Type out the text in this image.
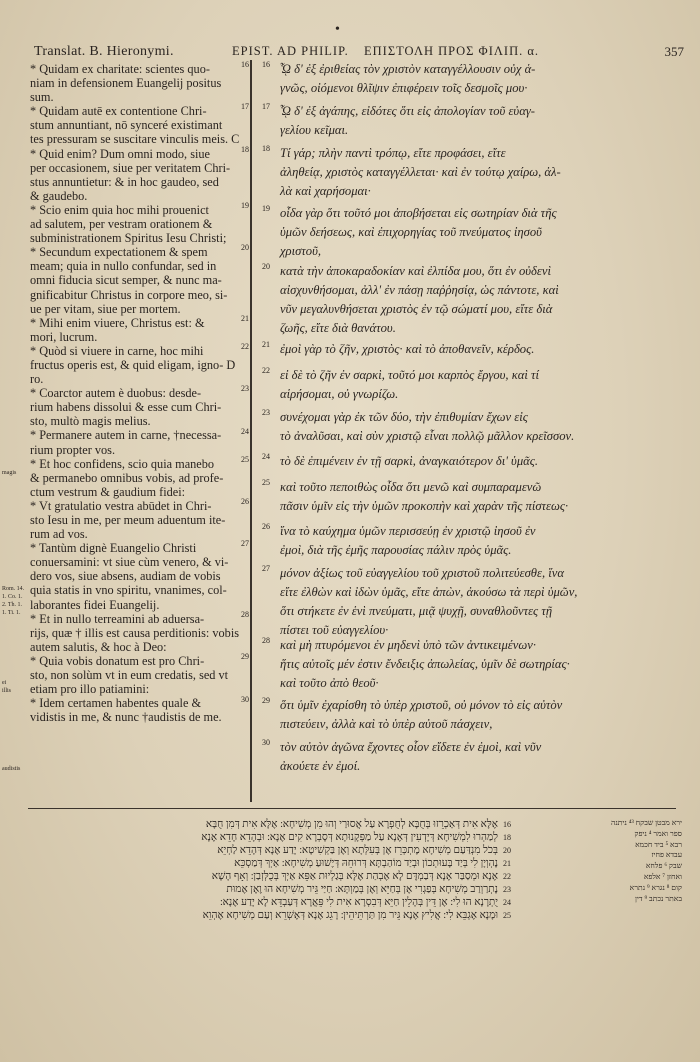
•
Translat. B. Hieronymi.	EPIST. AD PHILIP. ΕΠΙΣΤΟΛΗ ΠΡΟΣ ΦΙΛΙΠ. α.	357
magis
Rom. 14.
1. Co. 1.
2. Th. 1.
1. Ti. 1.
ei
illis
audistis
* Quidam ex charitate: scientes quo-
niam in defensionem Euangelij positus
sum.
* Quidam autē ex contentione Chri-
stum annuntiant, nō synceré existimant
tes pressuram se suscitare vinculis meis. C
* Quid enim? Dum omni modo, siue
per occasionem, siue per veritatem Chri-
stus annuntietur: & in hoc gaudeo, sed
& gaudebo.
* Scio enim quia hoc mihi prouenict
ad salutem, per vestram orationem &
subministrationem Spiritus Iesu Christi;
* Secundum expectationem & spem
meam; quia in nullo confundar, sed in
omni fiducia sicut semper, & nunc ma-
gnificabitur Christus in corpore meo, si-
ue per vitam, siue per mortem.
* Mihi enim viuere, Christus est: &
mori, lucrum.
* Quòd si viuere in carne, hoc mihi
fructus operis est, & quid eligam, igno- D
ro.
* Coarctor autem è duobus: desde-
rium habens dissolui & esse cum Chri-
sto, multò magis melius.
* Permanere autem in carne, †necessa-
rium propter vos.
* Et hoc confidens, scio quia manebo
& permanebo omnibus vobis, ad profe-
ctum vestrum & gaudium fidei:
* Vt gratulatio vestra abūdet in Chri-
sto Iesu in me, per meum aduentum ite-
rum ad vos.
* Tantùm dignè Euangelio Christi
conuersamini: vt siue cùm venero, & vi-
dero vos, siue absens, audiam de vobis
quia statis in vno spiritu, vnanimes, col-
laborantes fidei Euangelij.
* Et in nullo terreamini ab aduersa-
rijs, quæ † illis est causa perditionis: vobis
autem salutis, & hoc à Deo:
* Quia vobis donatum est pro Chri-
sto, non solùm vt in eum credatis, sed vt
etiam pro illo patiamini:
* Idem certamen habentes quale &
vidistis in me, & nunc †audistis de me.
16
17
18
19
20
21
22
23
24
25
26
27
28
29
30
16 ᾯ δ' ἐξ ἐριθείας τὸν χριστὸν καταγγέλλουσιν οὐχ ἁ-
γνῶς, οἰόμενοι θλῖψιν ἐπιφέρειν τοῖς δεσμοῖς μου·
17 ᾯ δ' ἐξ ἀγάπης, εἰδότες ὅτι εἰς ἀπολογίαν τοῦ εὐαγ-
γελίου κεῖμαι.
18 Τί γάρ; πλὴν παντὶ τρόπῳ, εἴτε προφάσει, εἴτε
ἀληθείᾳ, χριστὸς καταγγέλλεται· καὶ ἐν τούτῳ χαίρω, ἀλ-
λὰ καὶ χαρήσομαι·
19 οἶδα γὰρ ὅτι τοῦτό μοι ἀποβήσεται εἰς σωτηρίαν διὰ τῆς
ὑμῶν δεήσεως, καὶ ἐπιχορηγίας τοῦ πνεύματος ἰησοῦ
χριστοῦ,
20 κατὰ τὴν ἀποκαραδοκίαν καὶ ἐλπίδα μου, ὅτι ἐν οὐδενὶ
αἰσχυνθήσομαι, ἀλλ' ἐν πάσῃ παῤῥησίᾳ, ὡς πάντοτε, καὶ
νῦν μεγαλυνθήσεται χριστὸς ἐν τῷ σώματί μου, εἴτε διὰ
ζωῆς, εἴτε διὰ θανάτου.
21 ἐμοὶ γὰρ τὸ ζῆν, χριστὸς· καὶ τὸ ἀποθανεῖν, κέρδος.
22 εἰ δὲ τὸ ζῆν ἐν σαρκὶ, τοῦτό μοι καρπὸς ἔργου, καὶ τί
αἱρήσομαι, οὐ γνωρίζω.
23 συνέχομαι γὰρ ἐκ τῶν δύο, τὴν ἐπιθυμίαν ἔχων εἰς
τὸ ἀναλῦσαι, καὶ σὺν χριστῷ εἶναι πολλῷ μᾶλλον κρεῖσσον.
24 τὸ δὲ ἐπιμένειν ἐν τῇ σαρκὶ, ἀναγκαιότερον δι' ὑμᾶς.
25 καὶ τοῦτο πεποιθὼς οἶδα ὅτι μενῶ καὶ συμπαραμενῶ
πᾶσιν ὑμῖν εἰς τὴν ὑμῶν προκοπὴν καὶ χαρὰν τῆς πίστεως·
26 ἵνα τὸ καύχημα ὑμῶν περισσεύῃ ἐν χριστῷ ἰησοῦ ἐν
ἐμοὶ, διὰ τῆς ἐμῆς παρουσίας πάλιν πρὸς ὑμᾶς.
27 μόνον ἀξίως τοῦ εὐαγγελίου τοῦ χριστοῦ πολιτεύεσθε, ἵνα
εἴτε ἐλθὼν καὶ ἰδὼν ὑμᾶς, εἴτε ἀπὼν, ἀκούσω τὰ περὶ ὑμῶν,
ὅτι στήκετε ἐν ἑνὶ πνεύματι, μιᾷ ψυχῇ, συναθλοῦντες τῇ
πίστει τοῦ εὐαγγελίου·
28 καὶ μὴ πτυρόμενοι ἐν μηδενὶ ὑπὸ τῶν ἀντικειμένων·
ἥτις αὐτοῖς μέν ἐστιν ἔνδειξις ἀπωλείας, ὑμῖν δὲ σωτηρίας·
καὶ τοῦτο ἀπὸ θεοῦ·
29 ὅτι ὑμῖν ἐχαρίσθη τὸ ὑπὲρ χριστοῦ, οὐ μόνον τὸ εἰς αὐτὸν
πιστεύειν, ἀλλὰ καὶ τὸ ὑπὲρ αὐτοῦ πάσχειν,
30 τὸν αὐτὸν ἀγῶνα ἔχοντες οἷον εἴδετε ἐν ἐμοὶ, καὶ νῦν
ἀκούετε ἐν ἐμοί.
אֶלָּא אִית דְּאַכְרֵזוּ בְּחֻבָּא לְחֻפְרָא עַל אֲסוּרַי וְהוּ מִן מְשִׁיחָא ׃ אֶלָּא אִית דְּמִן חֻבָּא
לְמַהְרוּ לִמְשִׁיחָא דְּיָדְעִין דְּאֶנָא עַל מַפְּקָנוּתָא דְּסָבְרָא קִים אֶנָא ׃ וּבְהָדֵא חָדֵא אֶנָא
בְּכֹל מִנְדַּעַם מְשִׁיחָא מֶתְכְּרֵז אֶן בְּעִלְּתָא וְאֶן בַּקְשִׁיטָא ׃ יָדַע אֶנָא דְּהָדֵא לַחְיֵא
נֶהְוְיָן לִי בְּיַד בָּעוּתְכוֹן וּבְיַד מוֹהַבְתָּא דְּרוּחֵהּ דְּיֶשׁוּעַ מְשִׁיחָא ׃ אַיְךְ דְּמַסְכֵּא
אֶנָא וּמְסַבַּר אֶנָא דְּבַמְדֶּם לָא אֶבְהַת אֶלָּא בְּגַלְיוּת אַפֵּא אַיְךְ בְּכֻלְּזְבַן ׃ וְאָף הָשָׁא
נֶתְרַוְרַב מְשִׁיחָא בְּפַגְרִי אֶן בְּחַיֵּא וְאֶן בְּמַוְתָּא ׃ חַיַּי גֵּיר מְשִׁיחָא הוּ וֶאֶן אֶמוּת
יֻתְרָנָא הוּ לִי ׃ אֶן דֵּין בְּהָלֵין חַיֵּא דְּבִסְרָא אִית לִי פֵּאֲרָא דְּעַבְדֵּא לָא יָדַע אֶנָא ׃
וּמָנָא אֶגְבֵּא לִי ׃ אֲלִיץ אֶנָא גֵּיר מִן תַּרְתֵּיהֵין ׃ רָגֵג אֶנָא דְּאֶשְׁרֵא וְעַם מְשִׁיחָא אֶהְוֵא
16
18
20
21
22
23
24
25
ירא מבטן שבקח ⁴³ ניתנה
ספר ואמר ⁴ ניפק
רבא ⁵ ביד חכמא
עבדא פחיז
שבק ⁶ פלחא
ואחזן ⁷ אלפא
קום ⁸ נגרא ⁹ נתרא
באתר נכתב ⁹ דין
